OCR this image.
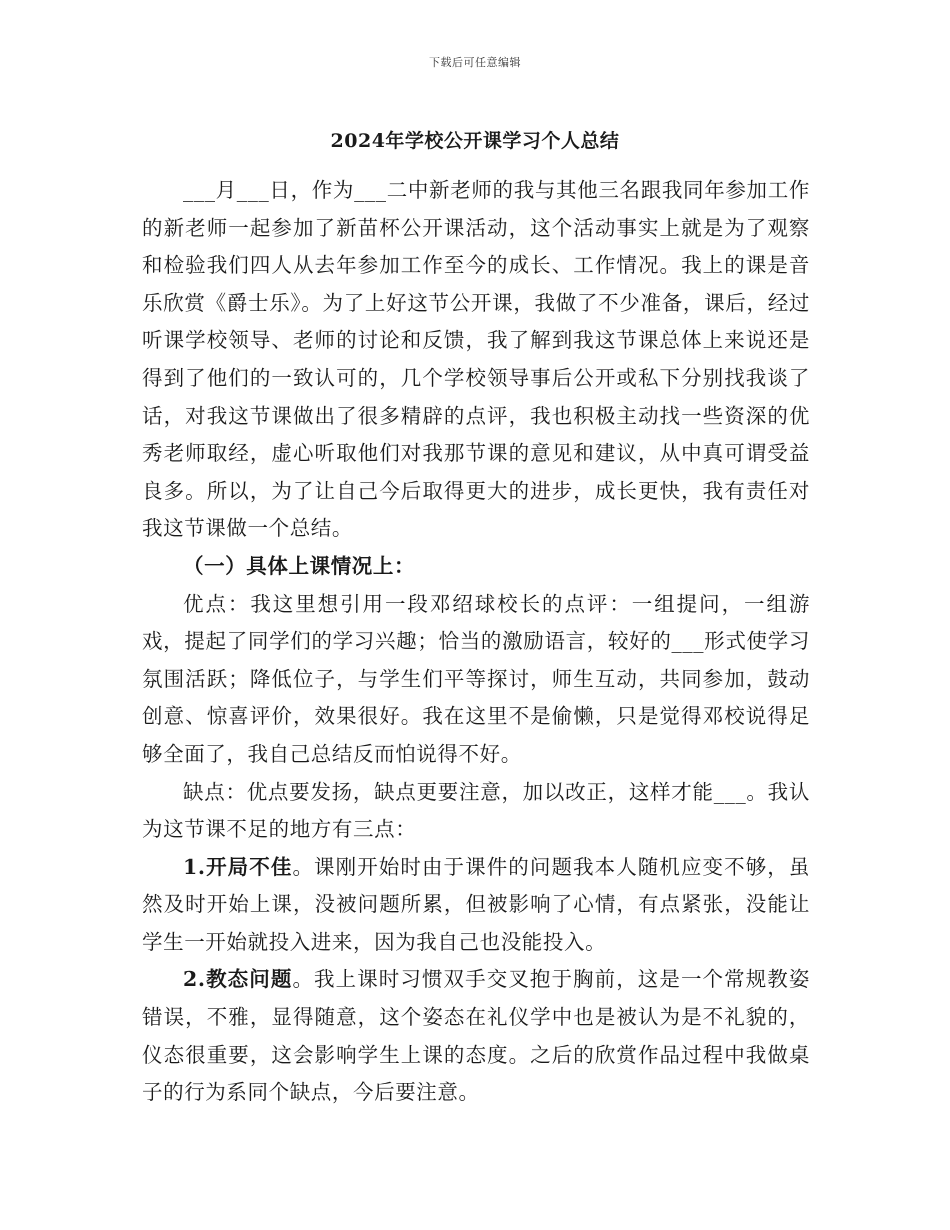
下载后可任意编辑
2024年学校公开课学习个人总结

___月___日，作为___二中新老师的我与其他三名跟我同年参加工作的新老师一起参加了新苗杯公开课活动，这个活动事实上就是为了观察和检验我们四人从去年参加工作至今的成长、工作情况。我上的课是音乐欣赏《爵士乐》。为了上好这节公开课，我做了不少准备，课后，经过听课学校领导、老师的讨论和反馈，我了解到我这节课总体上来说还是得到了他们的一致认可的，几个学校领导事后公开或私下分别找我谈了话，对我这节课做出了很多精辟的点评，我也积极主动找一些资深的优秀老师取经，虚心听取他们对我那节课的意见和建议，从中真可谓受益良多。所以，为了让自己今后取得更大的进步，成长更快，我有责任对我这节课做一个总结。

（一）具体上课情况上：

优点：我这里想引用一段邓绍球校长的点评：一组提问，一组游戏，提起了同学们的学习兴趣；恰当的激励语言，较好的___形式使学习氛围活跃；降低位子，与学生们平等探讨，师生互动，共同参加，鼓动创意、惊喜评价，效果很好。我在这里不是偷懒，只是觉得邓校说得足够全面了，我自己总结反而怕说得不好。

缺点：优点要发扬，缺点更要注意，加以改正，这样才能___。我认为这节课不足的地方有三点：

1.开局不佳。课刚开始时由于课件的问题我本人随机应变不够，虽然及时开始上课，没被问题所累，但被影响了心情，有点紧张，没能让学生一开始就投入进来，因为我自己也没能投入。

2.教态问题。我上课时习惯双手交叉抱于胸前，这是一个常规教姿错误，不雅，显得随意，这个姿态在礼仪学中也是被认为是不礼貌的，仪态很重要，这会影响学生上课的态度。之后的欣赏作品过程中我做桌子的行为系同个缺点，今后要注意。
